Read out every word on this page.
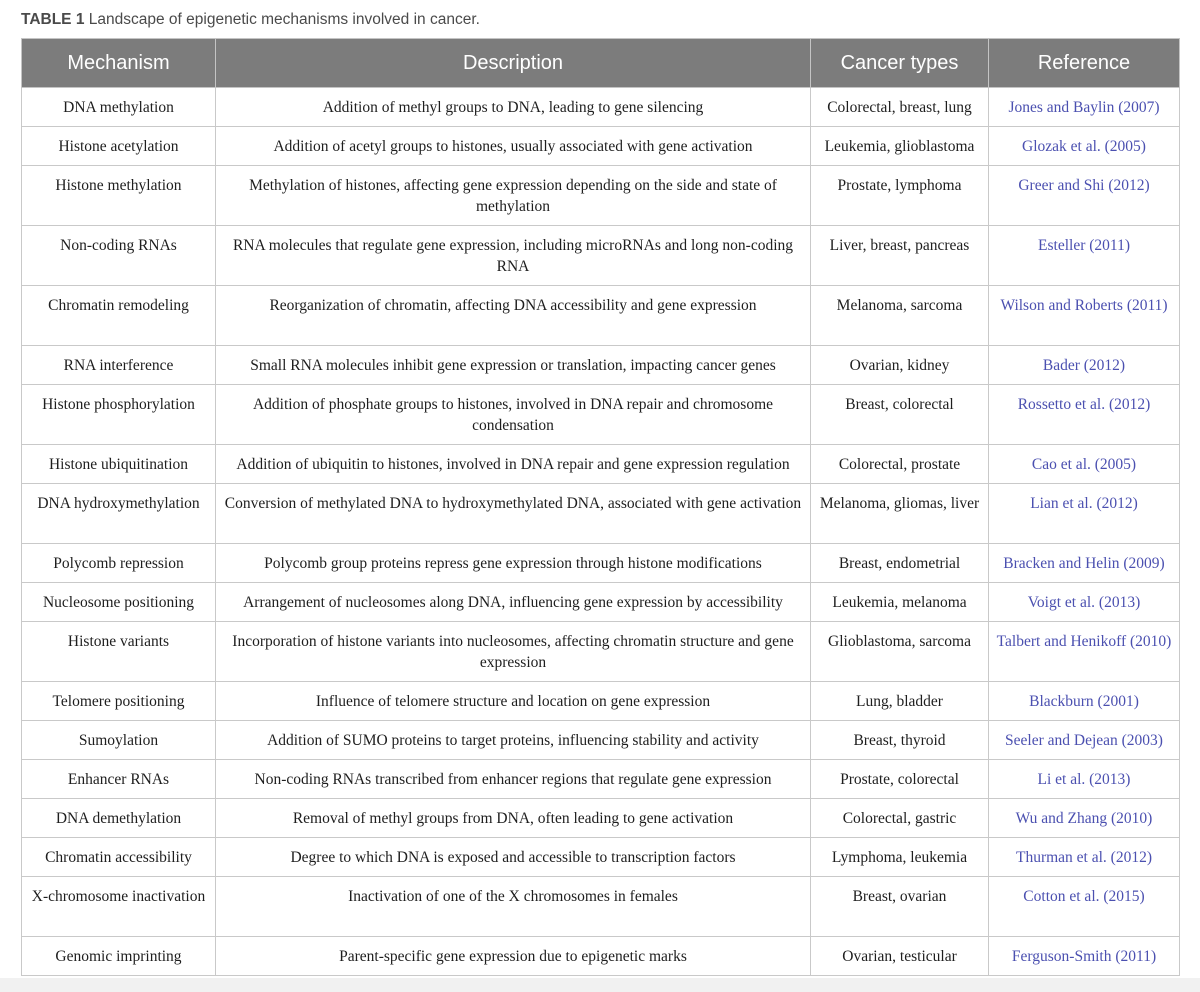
TABLE 1 Landscape of epigenetic mechanisms involved in cancer.
Mechanism	Description	Cancer types	Reference
DNA methylation	Addition of methyl groups to DNA, leading to gene silencing	Colorectal, breast, lung	Jones and Baylin (2007)
Histone acetylation	Addition of acetyl groups to histones, usually associated with gene activation	Leukemia, glioblastoma	Glozak et al. (2005)
Histone methylation	Methylation of histones, affecting gene expression depending on the side and state of methylation	Prostate, lymphoma	Greer and Shi (2012)
Non-coding RNAs	RNA molecules that regulate gene expression, including microRNAs and long non-coding RNA	Liver, breast, pancreas	Esteller (2011)
Chromatin remodeling	Reorganization of chromatin, affecting DNA accessibility and gene expression	Melanoma, sarcoma	Wilson and Roberts (2011)
RNA interference	Small RNA molecules inhibit gene expression or translation, impacting cancer genes	Ovarian, kidney	Bader (2012)
Histone phosphorylation	Addition of phosphate groups to histones, involved in DNA repair and chromosome condensation	Breast, colorectal	Rossetto et al. (2012)
Histone ubiquitination	Addition of ubiquitin to histones, involved in DNA repair and gene expression regulation	Colorectal, prostate	Cao et al. (2005)
DNA hydroxymethylation	Conversion of methylated DNA to hydroxymethylated DNA, associated with gene activation	Melanoma, gliomas, liver	Lian et al. (2012)
Polycomb repression	Polycomb group proteins repress gene expression through histone modifications	Breast, endometrial	Bracken and Helin (2009)
Nucleosome positioning	Arrangement of nucleosomes along DNA, influencing gene expression by accessibility	Leukemia, melanoma	Voigt et al. (2013)
Histone variants	Incorporation of histone variants into nucleosomes, affecting chromatin structure and gene expression	Glioblastoma, sarcoma	Talbert and Henikoff (2010)
Telomere positioning	Influence of telomere structure and location on gene expression	Lung, bladder	Blackburn (2001)
Sumoylation	Addition of SUMO proteins to target proteins, influencing stability and activity	Breast, thyroid	Seeler and Dejean (2003)
Enhancer RNAs	Non-coding RNAs transcribed from enhancer regions that regulate gene expression	Prostate, colorectal	Li et al. (2013)
DNA demethylation	Removal of methyl groups from DNA, often leading to gene activation	Colorectal, gastric	Wu and Zhang (2010)
Chromatin accessibility	Degree to which DNA is exposed and accessible to transcription factors	Lymphoma, leukemia	Thurman et al. (2012)
X-chromosome inactivation	Inactivation of one of the X chromosomes in females	Breast, ovarian	Cotton et al. (2015)
Genomic imprinting	Parent-specific gene expression due to epigenetic marks	Ovarian, testicular	Ferguson-Smith (2011)
